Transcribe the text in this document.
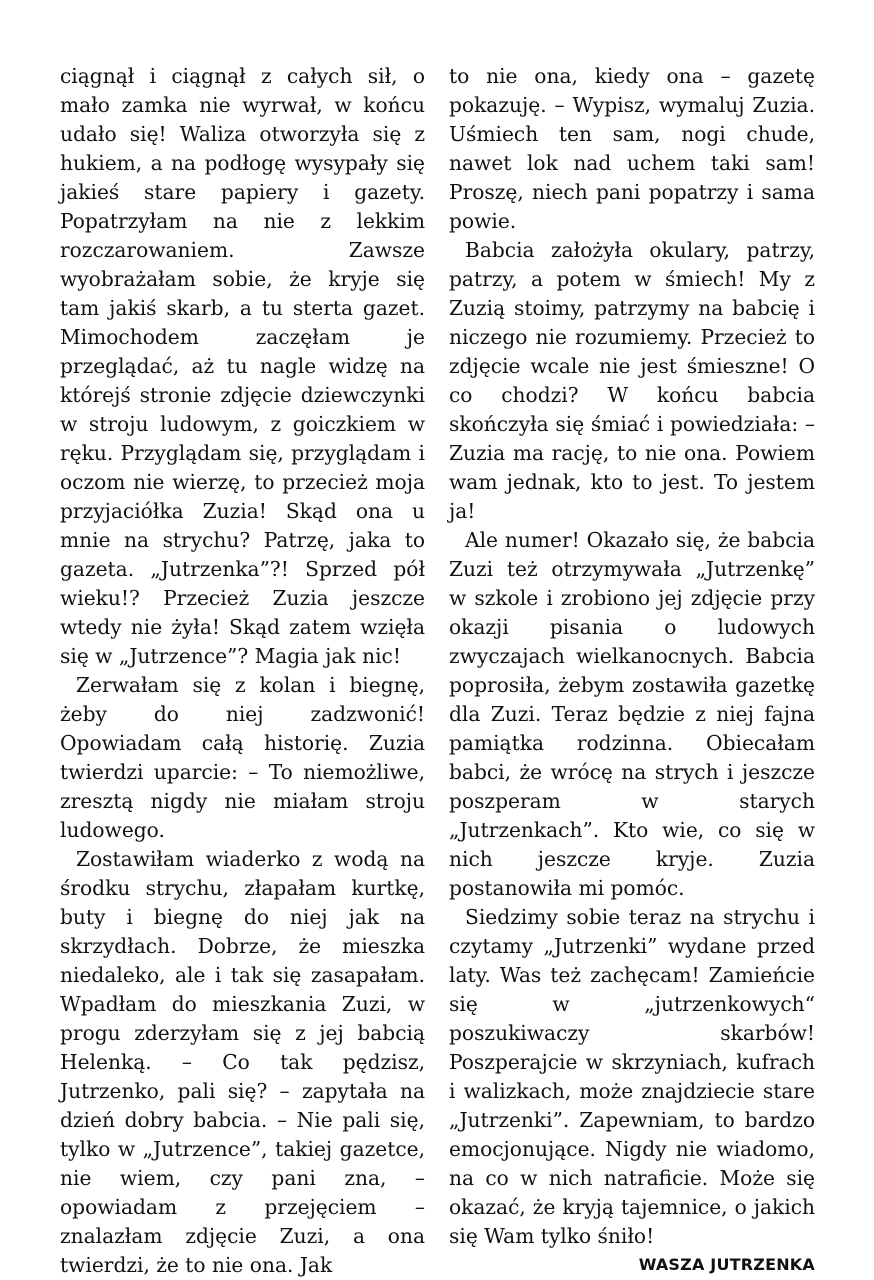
ciągnął i ciągnął z całych sił, o mało zamka nie wyrwał, w końcu udało się! Waliza otworzyła się z hukiem, a na podłogę wysypały się jakieś stare papiery i gazety. Popatrzyłam na nie z lekkim rozczarowaniem. Zawsze wyobrażałam sobie, że kryje się tam jakiś skarb, a tu sterta gazet. Mimochodem zaczęłam je przeglądać, aż tu nagle widzę na którejś stronie zdjęcie dziewczynki w stroju ludowym, z goiczkiem w ręku. Przyglądam się, przyglądam i oczom nie wierzę, to przecież moja przyjaciółka Zuzia! Skąd ona u mnie na strychu? Patrzę, jaka to gazeta. „Jutrzenka”?! Sprzed pół wieku!? Przecież Zuzia jeszcze wtedy nie żyła! Skąd zatem wzięła się w „Jutrzence”? Magia jak nic!

Zerwałam się z kolan i biegnę, żeby do niej zadzwonić! Opowiadam całą historię. Zuzia twierdzi uparcie: – To niemożliwe, zresztą nigdy nie miałam stroju ludowego.

Zostawiłam wiaderko z wodą na środku strychu, złapałam kurtkę, buty i biegnę do niej jak na skrzydłach. Dobrze, że mieszka niedaleko, ale i tak się zasapałam. Wpadłam do mieszkania Zuzi, w progu zderzyłam się z jej babcią Helenką. – Co tak pędzisz, Jutrzenko, pali się? – zapytała na dzień dobry babcia. – Nie pali się, tylko w „Jutrzence”, takiej gazetce, nie wiem, czy pani zna, – opowiadam z przejęciem – znalazłam zdjęcie Zuzi, a ona twierdzi, że to nie ona. Jak

to nie ona, kiedy ona – gazetę pokazuję. – Wypisz, wymaluj Zuzia. Uśmiech ten sam, nogi chude, nawet lok nad uchem taki sam! Proszę, niech pani popatrzy i sama powie.

Babcia założyła okulary, patrzy, patrzy, a potem w śmiech! My z Zuzią stoimy, patrzymy na babcię i niczego nie rozumiemy. Przecież to zdjęcie wcale nie jest śmieszne! O co chodzi? W końcu babcia skończyła się śmiać i powiedziała: – Zuzia ma rację, to nie ona. Powiem wam jednak, kto to jest. To jestem ja!

Ale numer! Okazało się, że babcia Zuzi też otrzymywała „Jutrzenkę” w szkole i zrobiono jej zdjęcie przy okazji pisania o ludowych zwyczajach wielkanocnych. Babcia poprosiła, żebym zostawiła gazetkę dla Zuzi. Teraz będzie z niej fajna pamiątka rodzinna. Obiecałam babci, że wrócę na strych i jeszcze poszperam w starych „Jutrzenkach”. Kto wie, co się w nich jeszcze kryje. Zuzia postanowiła mi pomóc.

Siedzimy sobie teraz na strychu i czytamy „Jutrzenki” wydane przed laty. Was też zachęcam! Zamieńcie się w „jutrzenkowych“ poszukiwaczy skarbów! Poszperajcie w skrzyniach, kufrach i walizkach, może znajdziecie stare „Jutrzenki”. Zapewniam, to bardzo emocjonujące. Nigdy nie wiadomo, na co w nich natraficie. Może się okazać, że kryją tajemnice, o jakich się Wam tylko śniło!

WASZA JUTRZENKA
